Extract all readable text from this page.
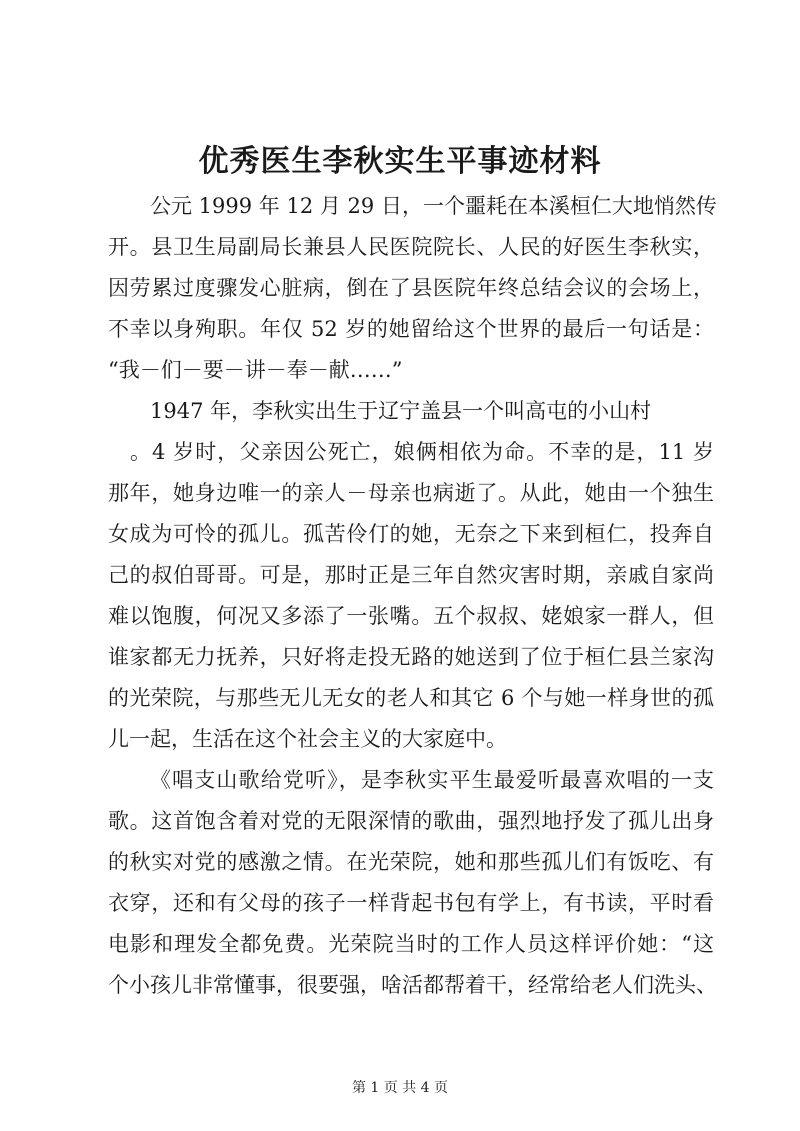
优秀医生李秋实生平事迹材料
公元 1999 年 12 月 29 日，一个噩耗在本溪桓仁大地悄然传
开。县卫生局副局长兼县人民医院院长、人民的好医生李秋实，
因劳累过度骤发心脏病，倒在了县医院年终总结会议的会场上，
不幸以身殉职。年仅 52 岁的她留给这个世界的最后一句话是：
“我－们－要－讲－奉－献……”
1947 年，李秋实出生于辽宁盖县一个叫高屯的小山村
。4 岁时，父亲因公死亡，娘俩相依为命。不幸的是，11 岁
那年，她身边唯一的亲人－母亲也病逝了。从此，她由一个独生
女成为可怜的孤儿。孤苦伶仃的她，无奈之下来到桓仁，投奔自
己的叔伯哥哥。可是，那时正是三年自然灾害时期，亲戚自家尚
难以饱腹，何况又多添了一张嘴。五个叔叔、姥娘家一群人，但
谁家都无力抚养，只好将走投无路的她送到了位于桓仁县兰家沟
的光荣院，与那些无儿无女的老人和其它 6 个与她一样身世的孤
儿一起，生活在这个社会主义的大家庭中。
《唱支山歌给党听》，是李秋实平生最爱听最喜欢唱的一支
歌。这首饱含着对党的无限深情的歌曲，强烈地抒发了孤儿出身
的秋实对党的感激之情。在光荣院，她和那些孤儿们有饭吃、有
衣穿，还和有父母的孩子一样背起书包有学上，有书读，平时看
电影和理发全都免费。光荣院当时的工作人员这样评价她：“这
个小孩儿非常懂事，很要强，啥活都帮着干，经常给老人们洗头、
第 1 页 共 4 页
